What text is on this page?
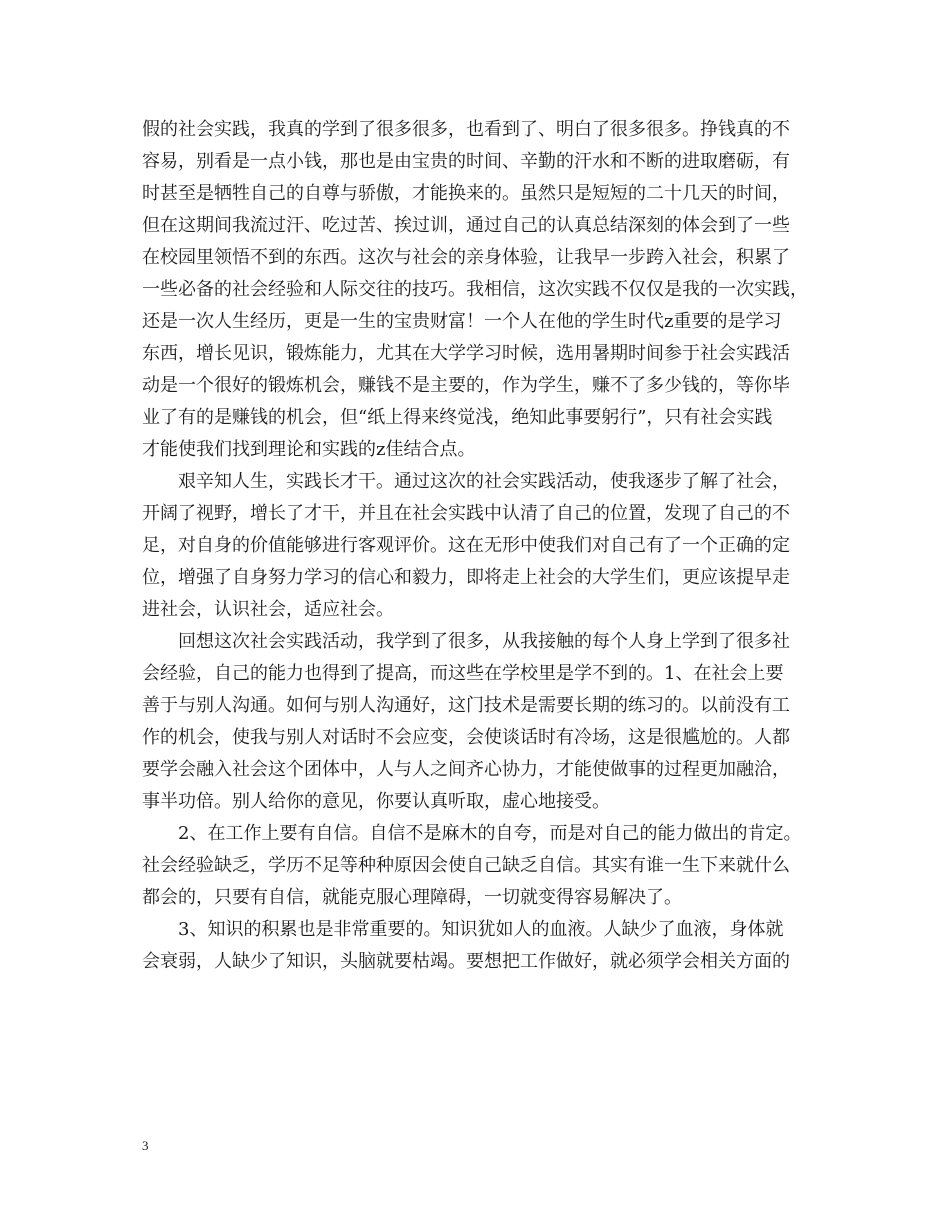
假的社会实践，我真的学到了很多很多，也看到了、明白了很多很多。挣钱真的不
容易，别看是一点小钱，那也是由宝贵的时间、辛勤的汗水和不断的进取磨砺，有
时甚至是牺牲自己的自尊与骄傲，才能换来的。虽然只是短短的二十几天的时间，
但在这期间我流过汗、吃过苦、挨过训，通过自己的认真总结深刻的体会到了一些
在校园里领悟不到的东西。这次与社会的亲身体验，让我早一步跨入社会，积累了
一些必备的社会经验和人际交往的技巧。我相信，这次实践不仅仅是我的一次实践，
还是一次人生经历，更是一生的宝贵财富！一个人在他的学生时代z重要的是学习
东西，增长见识，锻炼能力，尤其在大学学习时候，选用暑期时间参于社会实践活
动是一个很好的锻炼机会，赚钱不是主要的，作为学生，赚不了多少钱的，等你毕
业了有的是赚钱的机会，但“纸上得来终觉浅，绝知此事要躬行”，只有社会实践
才能使我们找到理论和实践的z佳结合点。
艰辛知人生，实践长才干。通过这次的社会实践活动，使我逐步了解了社会，
开阔了视野，增长了才干，并且在社会实践中认清了自己的位置，发现了自己的不
足，对自身的价值能够进行客观评价。这在无形中使我们对自己有了一个正确的定
位，增强了自身努力学习的信心和毅力，即将走上社会的大学生们，更应该提早走
进社会，认识社会，适应社会。
回想这次社会实践活动，我学到了很多，从我接触的每个人身上学到了很多社
会经验，自己的能力也得到了提高，而这些在学校里是学不到的。1、在社会上要
善于与别人沟通。如何与别人沟通好，这门技术是需要长期的练习的。以前没有工
作的机会，使我与别人对话时不会应变，会使谈话时有冷场，这是很尴尬的。人都
要学会融入社会这个团体中，人与人之间齐心协力，才能使做事的过程更加融洽，
事半功倍。别人给你的意见，你要认真听取，虚心地接受。
2、在工作上要有自信。自信不是麻木的自夸，而是对自己的能力做出的肯定。
社会经验缺乏，学历不足等种种原因会使自己缺乏自信。其实有谁一生下来就什么
都会的，只要有自信，就能克服心理障碍，一切就变得容易解决了。
3、知识的积累也是非常重要的。知识犹如人的血液。人缺少了血液，身体就
会衰弱，人缺少了知识，头脑就要枯竭。要想把工作做好，就必须学会相关方面的
3
